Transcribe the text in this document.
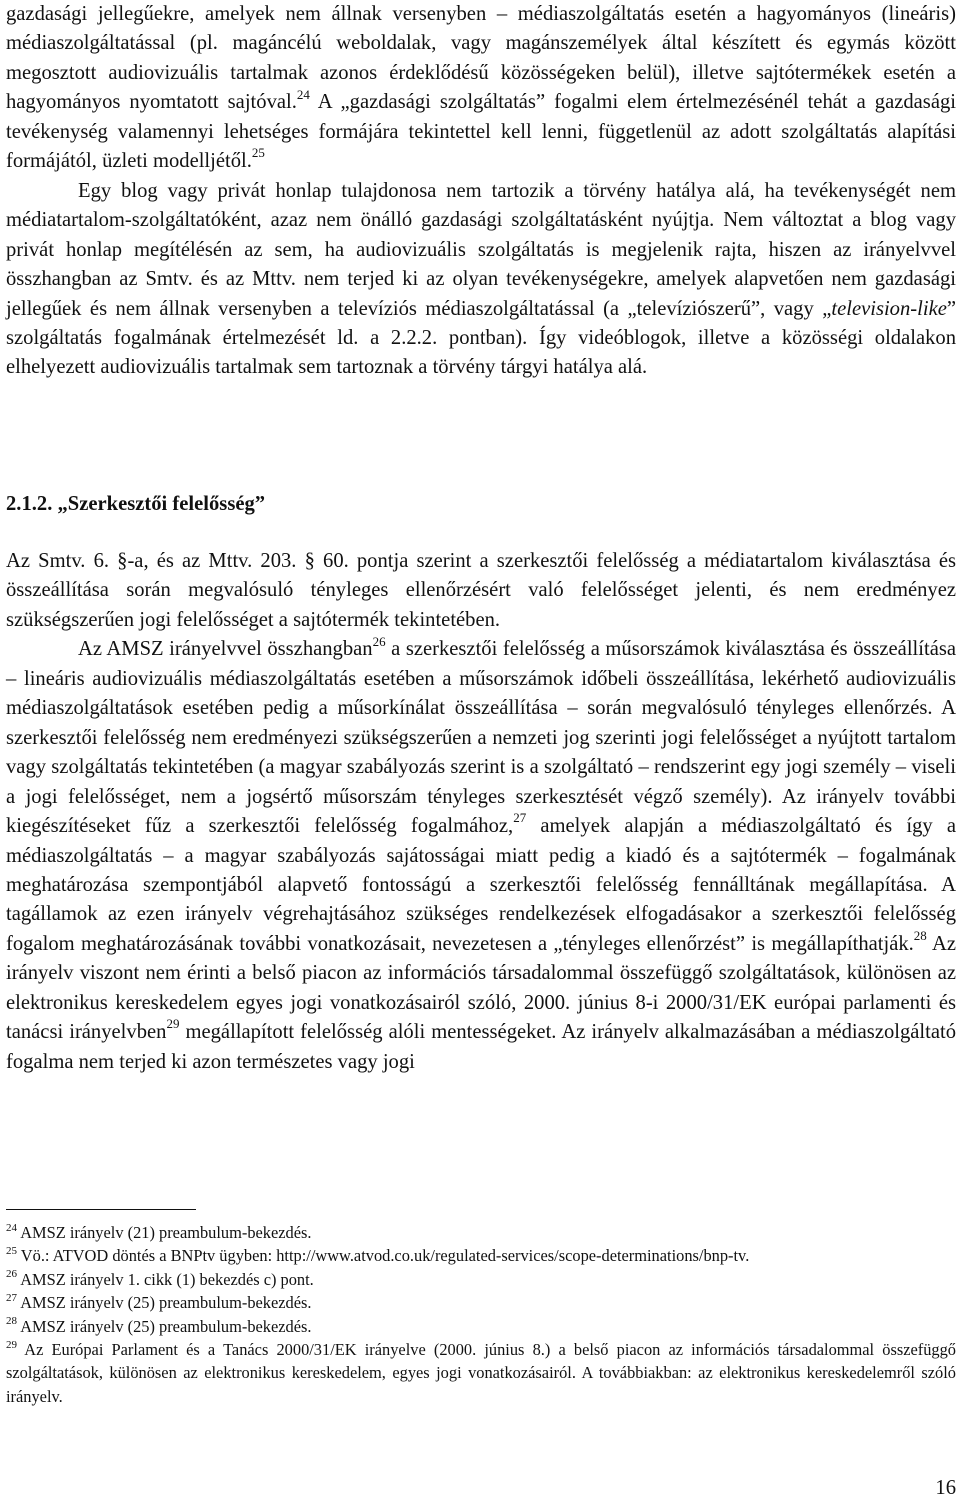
gazdasági jellegűekre, amelyek nem állnak versenyben – médiaszolgáltatás esetén a hagyományos (lineáris) médiaszolgáltatással (pl. magáncélú weboldalak, vagy magánszemélyek által készített és egymás között megosztott audiovizuális tartalmak azonos érdeklődésű közösségeken belül), illetve sajtótermékek esetén a hagyományos nyomtatott sajtóval.$^{24}$ A „gazdasági szolgáltatás” fogalmi elem értelmezésénél tehát a gazdasági tevékenység valamennyi lehetséges formájára tekintettel kell lenni, függetlenül az adott szolgáltatás alapítási formájától, üzleti modelljétől.$^{25}$

Egy blog vagy privát honlap tulajdonosa nem tartozik a törvény hatálya alá, ha tevékenységét nem médiatartalom-szolgáltatóként, azaz nem önálló gazdasági szolgáltatásként nyújtja. Nem változtat a blog vagy privát honlap megítélésén az sem, ha audiovizuális szolgáltatás is megjelenik rajta, hiszen az irányelvvel összhangban az Smtv. és az Mttv. nem terjed ki az olyan tevékenységekre, amelyek alapvetően nem gazdasági jellegűek és nem állnak versenyben a televíziós médiaszolgáltatással (a „televíziószerű”, vagy „television-like” szolgáltatás fogalmának értelmezését ld. a 2.2.2. pontban). Így videóblogok, illetve a közösségi oldalakon elhelyezett audiovizuális tartalmak sem tartoznak a törvény tárgyi hatálya alá.

2.1.2. „Szerkesztői felelősség”

Az Smtv. 6. §-a, és az Mttv. 203. § 60. pontja szerint a szerkesztői felelősség a médiatartalom kiválasztása és összeállítása során megvalósuló tényleges ellenőrzésért való felelősséget jelenti, és nem eredményez szükségszerűen jogi felelősséget a sajtótermék tekintetében.

Az AMSZ irányelvvel összhangban$^{26}$ a szerkesztői felelősség a műsorszámok kiválasztása és összeállítása – lineáris audiovizuális médiaszolgáltatás esetében a műsorszámok időbeli összeállítása, lekérhető audiovizuális médiaszolgáltatások esetében pedig a műsorkínálat összeállítása – során megvalósuló tényleges ellenőrzés. A szerkesztői felelősség nem eredményezi szükségszerűen a nemzeti jog szerinti jogi felelősséget a nyújtott tartalom vagy szolgáltatás tekintetében (a magyar szabályozás szerint is a szolgáltató – rendszerint egy jogi személy – viseli a jogi felelősséget, nem a jogsértő műsorszám tényleges szerkesztését végző személy). Az irányelv további kiegészítéseket fűz a szerkesztői felelősség fogalmához,$^{27}$ amelyek alapján a médiaszolgáltató és így a médiaszolgáltatás – a magyar szabályozás sajátosságai miatt pedig a kiadó és a sajtótermék – fogalmának meghatározása szempontjából alapvető fontosságú a szerkesztői felelősség fennálltának megállapítása. A tagállamok az ezen irányelv végrehajtásához szükséges rendelkezések elfogadásakor a szerkesztői felelősség fogalom meghatározásának további vonatkozásait, nevezetesen a „tényleges ellenőrzést” is megállapíthatják.$^{28}$ Az irányelv viszont nem érinti a belső piacon az információs társadalommal összefüggő szolgáltatások, különösen az elektronikus kereskedelem egyes jogi vonatkozásairól szóló, 2000. június 8-i 2000/31/EK európai parlamenti és tanácsi irányelvben$^{29}$ megállapított felelősség alóli mentességeket. Az irányelv alkalmazásában a médiaszolgáltató fogalma nem terjed ki azon természetes vagy jogi

$^{24}$ AMSZ irányelv (21) preambulum-bekezdés.

$^{25}$ Vö.: ATVOD döntés a BNPtv ügyben: http://www.atvod.co.uk/regulated-services/scope-determinations/bnp-tv.

$^{26}$ AMSZ irányelv 1. cikk (1) bekezdés c) pont.

$^{27}$ AMSZ irányelv (25) preambulum-bekezdés.

$^{28}$ AMSZ irányelv (25) preambulum-bekezdés.

$^{29}$ Az Európai Parlament és a Tanács 2000/31/EK irányelve (2000. június 8.) a belső piacon az információs társadalommal összefüggő szolgáltatások, különösen az elektronikus kereskedelem, egyes jogi vonatkozásairól. A továbbiakban: az elektronikus kereskedelemről szóló irányelv.

16
